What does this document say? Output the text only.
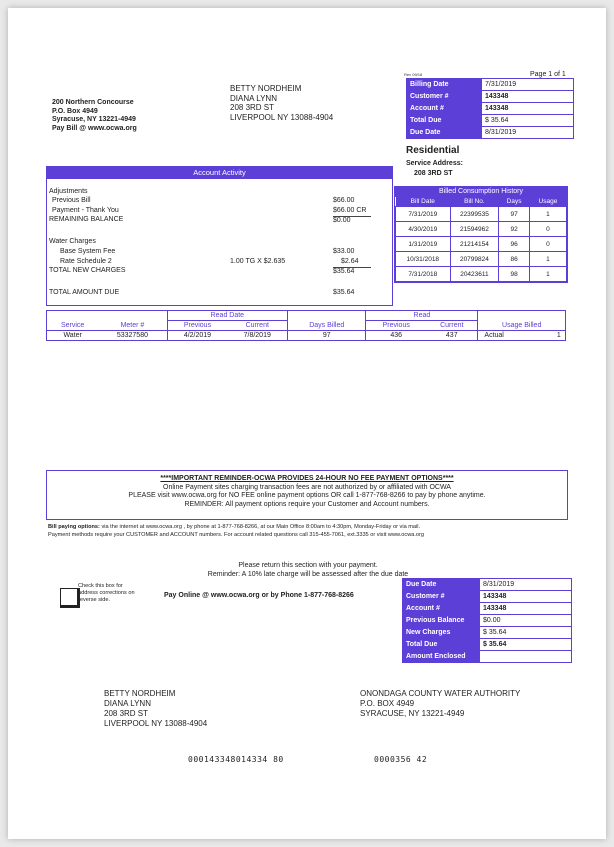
Rev 09/18	Page 1 of 1
200 Northern Concourse
P.O. Box 4949
Syracuse, NY 13221-4949
Pay Bill @ www.ocwa.org
BETTY NORDHEIM
DIANA LYNN
208 3RD ST
LIVERPOOL NY 13088-4904
Billing Date	7/31/2019
Customer #	143348
Account #	143348
Total Due	$ 35.64
Due Date	8/31/2019
Residential
Service Address:
208 3RD ST
Account Activity
Adjustments
Previous Bill	$66.00
Payment - Thank You	$66.00 CR
REMAINING BALANCE	$0.00
Water Charges
Base System Fee	$33.00
Rate Schedule 2	1.00 TG X $2.635	$2.64
TOTAL NEW CHARGES	$35.64
TOTAL AMOUNT DUE	$35.64
Billed Consumption History
Bill Date	Bill No.	Days	Usage
7/31/2019	22399535	97	1
4/30/2019	21594962	92	0
1/31/2019	21214154	96	0
10/31/2018	20799824	86	1
7/31/2018	20423611	98	1
		Read Date			Read			
Service	Meter #	Previous	Current	Days Billed	Previous	Current	Usage Billed	
Water	53327580	4/2/2019	7/8/2019	97	436	437	Actual	1
****IMPORTANT REMINDER-OCWA PROVIDES 24-HOUR NO FEE PAYMENT OPTIONS****
Online Payment sites charging transaction fees are not authorized by or affiliated with OCWA
PLEASE visit www.ocwa.org for NO FEE online payment options OR call 1-877-768-8266 to pay by phone anytime.
REMINDER: All payment options require your Customer and Account numbers.
Bill paying options: via the internet at www.ocwa.org , by phone at 1-877-768-8266, at our Main Office 8:00am to 4:30pm, Monday-Friday or via mail.
Payment methods require your CUSTOMER and ACCOUNT numbers. For account related questions call 315-455-7061, ext.3335 or visit www.ocwa.org
Please return this section with your payment.
Reminder: A 10% late charge will be assessed after the due date
Check this box for address corrections on reverse side.
Pay Online @ www.ocwa.org or by Phone 1-877-768-8266
Due Date	8/31/2019
Customer #	143348
Account #	143348
Previous Balance	$0.00
New Charges	$ 35.64
Total Due	$ 35.64
Amount Enclosed	
BETTY NORDHEIM
DIANA LYNN
208 3RD ST
LIVERPOOL NY 13088-4904
ONONDAGA COUNTY WATER AUTHORITY
P.O. BOX 4949
SYRACUSE, NY 13221-4949
000143348014334 80	0000356 42
